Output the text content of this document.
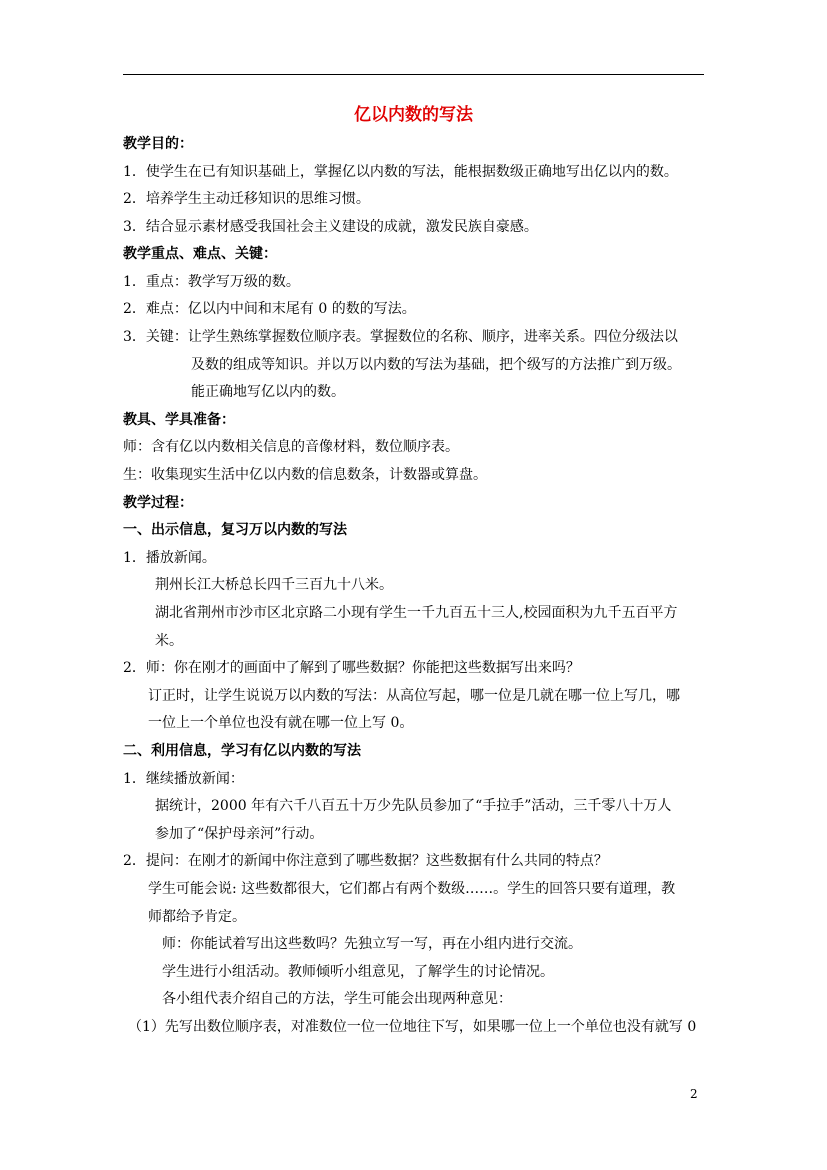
亿以内数的写法
教学目的：
1．使学生在已有知识基础上，掌握亿以内数的写法，能根据数级正确地写出亿以内的数。
2．培养学生主动迁移知识的思维习惯。
3．结合显示素材感受我国社会主义建设的成就，激发民族自豪感。
教学重点、难点、关键：
1．重点：教学写万级的数。
2．难点：亿以内中间和末尾有 0 的数的写法。
3．关键：让学生熟练掌握数位顺序表。掌握数位的名称、顺序，进率关系。四位分级法以
及数的组成等知识。并以万以内数的写法为基础，把个级写的方法推广到万级。
能正确地写亿以内的数。
教具、学具准备：
师：含有亿以内数相关信息的音像材料，数位顺序表。
生：收集现实生活中亿以内数的信息数条，计数器或算盘。
教学过程：
一、出示信息，复习万以内数的写法
1．播放新闻。
荆州长江大桥总长四千三百九十八米。
湖北省荆州市沙市区北京路二小现有学生一千九百五十三人,校园面积为九千五百平方
米。
2．师：你在刚才的画面中了解到了哪些数据？你能把这些数据写出来吗？
订正时，让学生说说万以内数的写法：从高位写起，哪一位是几就在哪一位上写几，哪
一位上一个单位也没有就在哪一位上写 0。
二、利用信息，学习有亿以内数的写法
1．继续播放新闻：
据统计，2000 年有六千八百五十万少先队员参加了“手拉手”活动，三千零八十万人
参加了“保护母亲河”行动。
2．提问：在刚才的新闻中你注意到了哪些数据？这些数据有什么共同的特点？
学生可能会说: 这些数都很大，它们都占有两个数级……。学生的回答只要有道理，教
师都给予肯定。
师：你能试着写出这些数吗？先独立写一写，再在小组内进行交流。
学生进行小组活动。教师倾听小组意见，了解学生的讨论情况。
各小组代表介绍自己的方法，学生可能会出现两种意见：
（1）先写出数位顺序表，对准数位一位一位地往下写，如果哪一位上一个单位也没有就写 0
2
